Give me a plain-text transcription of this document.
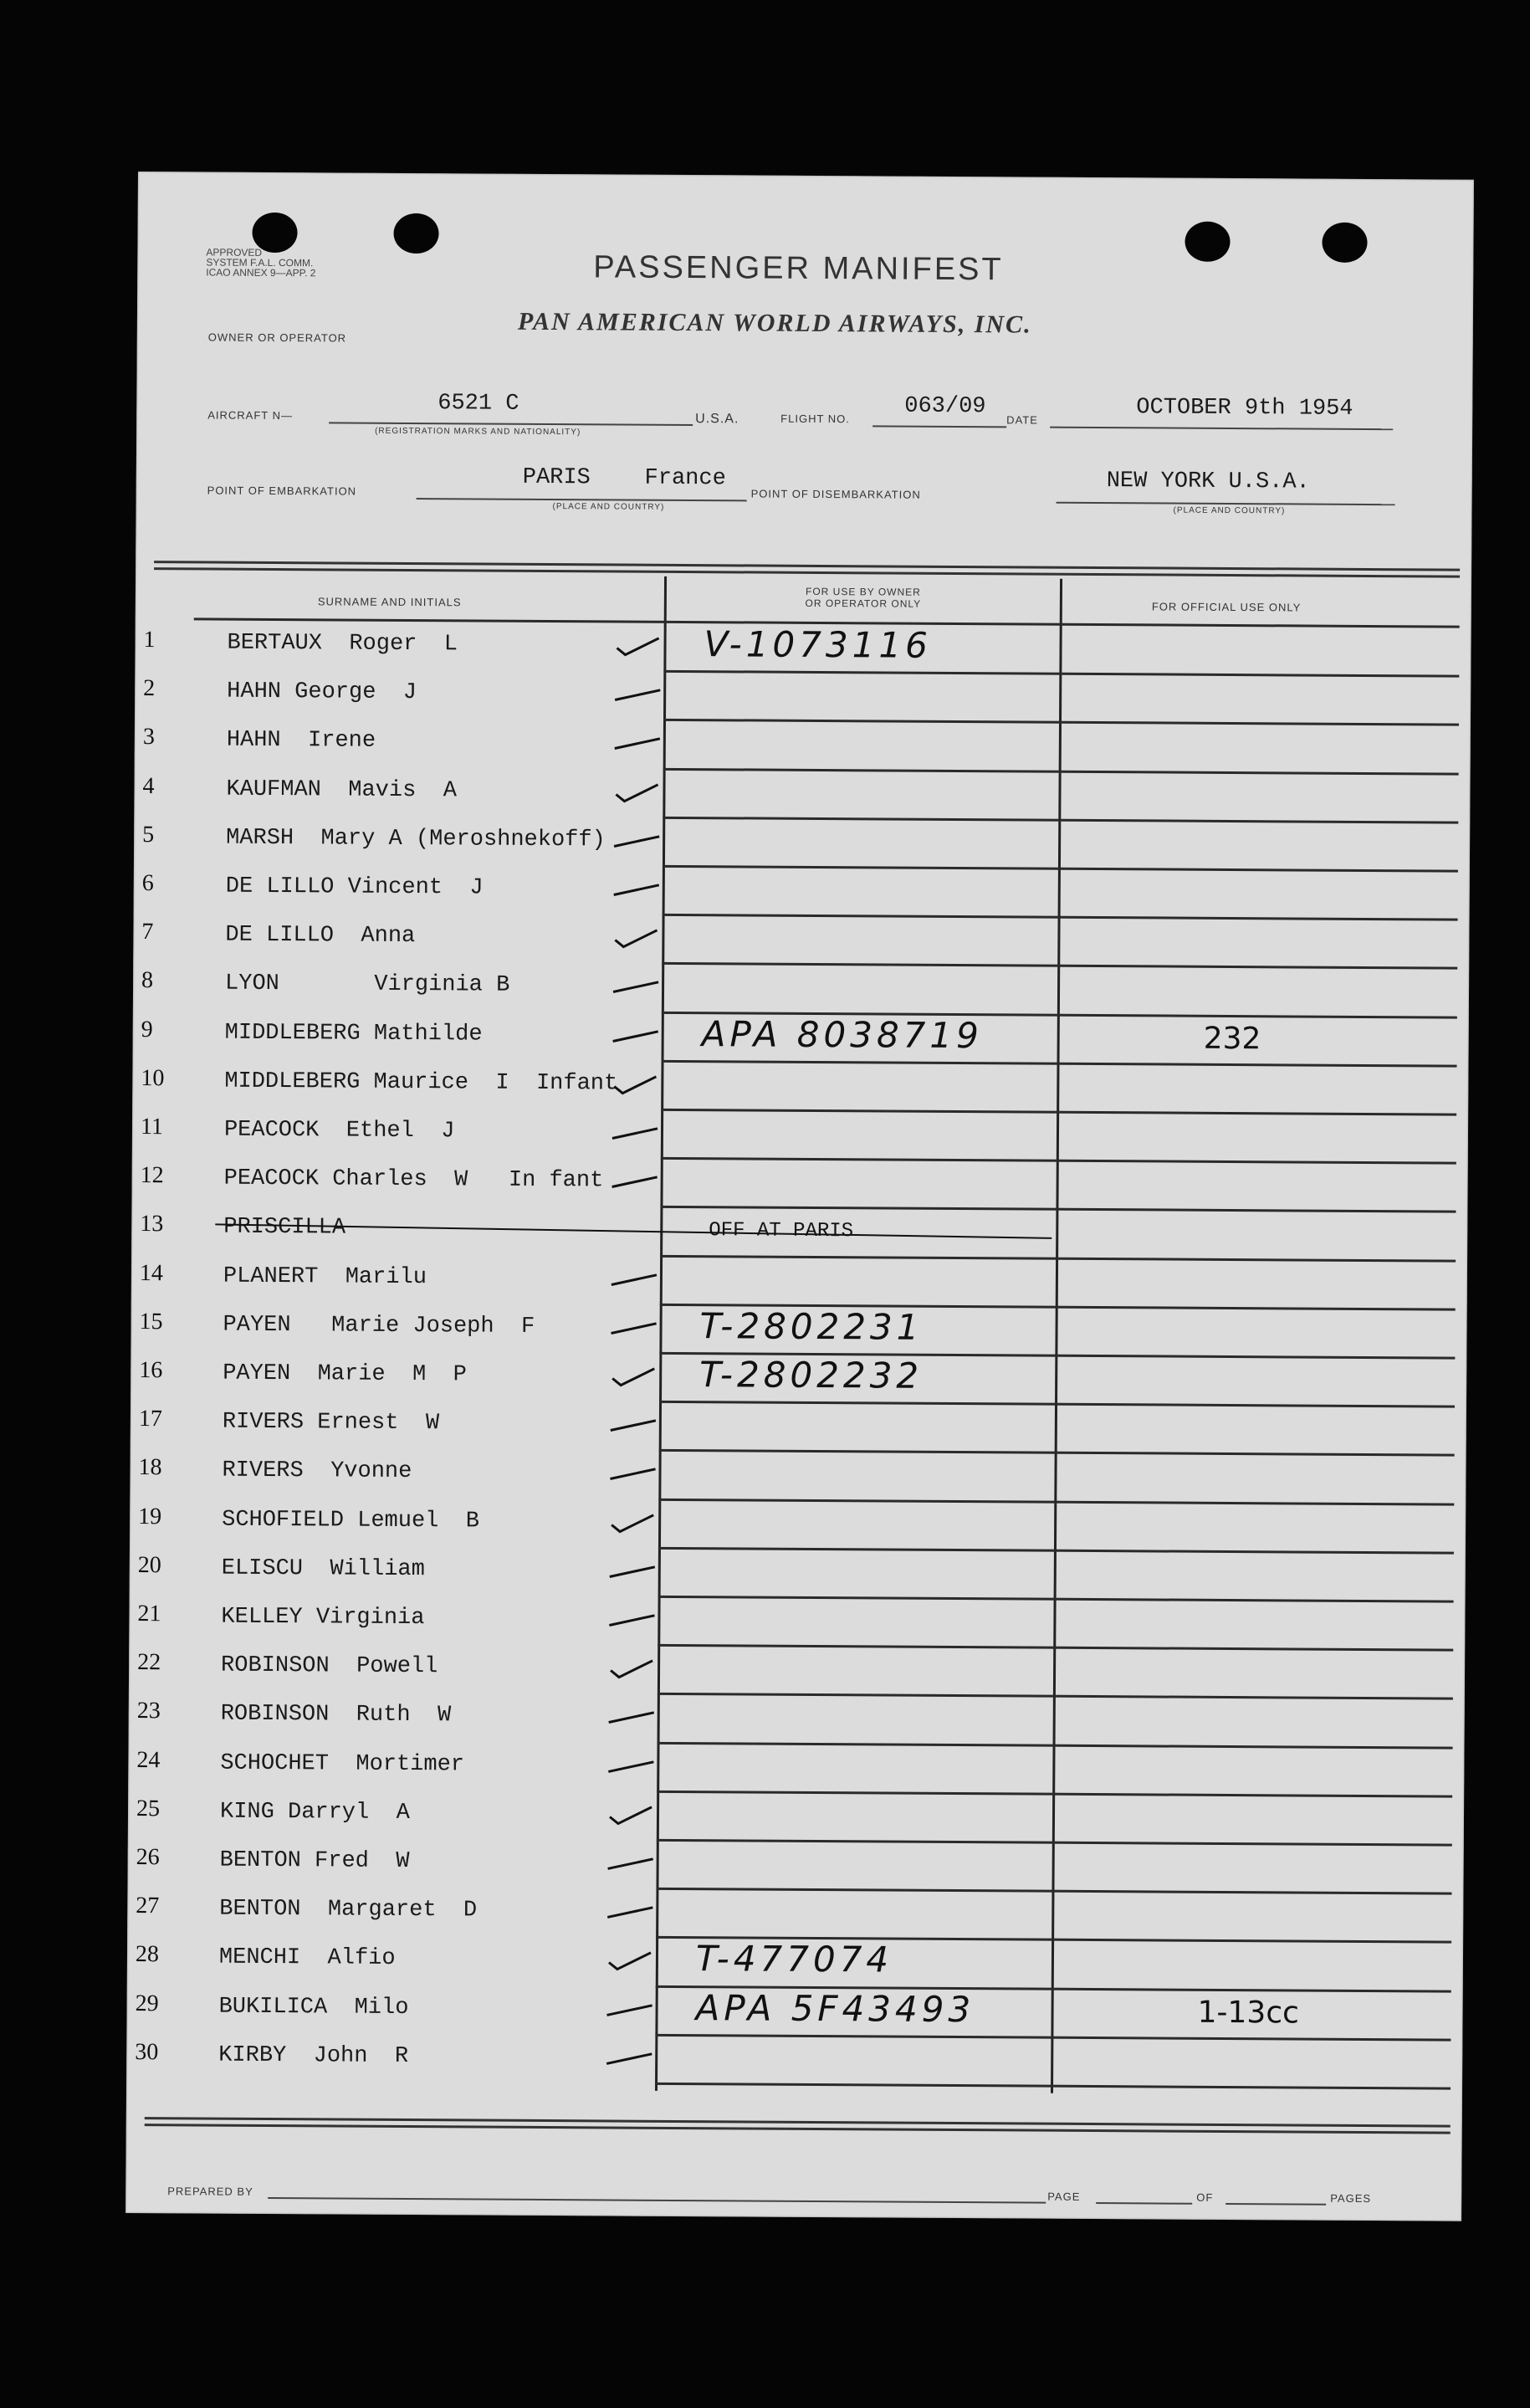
APPROVED
SYSTEM F.A.L. COMM.
ICAO ANNEX 9—APP. 2	PASSENGER MANIFEST
OWNER OR OPERATOR	PAN AMERICAN WORLD AIRWAYS, INC.
AIRCRAFT N—	6521 C
(REGISTRATION MARKS AND NATIONALITY)
U.S.A.	FLIGHT NO. 063/09
DATE	OCTOBER 9th 1954
POINT OF EMBARKATION	PARIS    France
(PLACE AND COUNTRY)
POINT OF DISEMBARKATION	NEW YORK U.S.A.
(PLACE AND COUNTRY)
SURNAME AND INITIALS
FOR USE BY OWNER
OR OPERATOR ONLY	FOR OFFICIAL USE ONLY
1	BERTAUX  Roger  L	V-1073116
2	HAHN George  J
3	HAHN  Irene
4	KAUFMAN  Mavis  A
5	MARSH  Mary A (Meroshnekoff)
6	DE LILLO Vincent  J
7	DE LILLO  Anna
8	LYON       Virginia B
9	MIDDLEBERG Mathilde	APA 8038719	232
10	MIDDLEBERG Maurice  I  Infant
11	PEACOCK  Ethel  J
12	PEACOCK Charles  W   In fant
13	PRISCILLA	OFF AT PARIS
14	PLANERT  Marilu
15	PAYEN   Marie Joseph  F	T-2802231
16	PAYEN  Marie  M  P	T-2802232
17	RIVERS Ernest  W
18	RIVERS  Yvonne
19	SCHOFIELD Lemuel  B
20	ELISCU  William
21	KELLEY Virginia
22	ROBINSON  Powell
23	ROBINSON  Ruth  W
24	SCHOCHET  Mortimer
25	KING Darryl  A
26	BENTON Fred  W
27	BENTON  Margaret  D
28	MENCHI  Alfio	T-477074
29	BUKILICA  Milo	APA 5F43493	1-13cc
30	KIRBY  John  R
PREPARED BY	PAGE	OF	PAGES
